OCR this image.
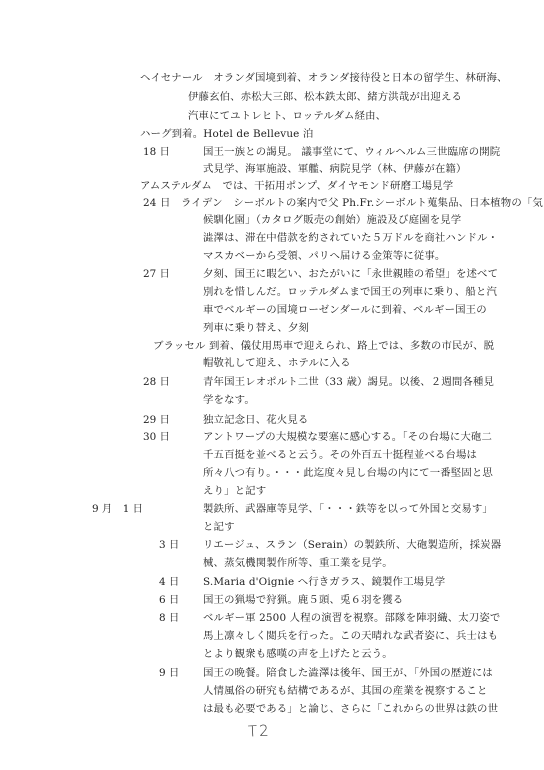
ヘイセナール　オランダ国境到着、オランダ接待役と日本の留学生、林研海、
伊藤玄伯、赤松大三郎、松本鉄太郎、緒方洪哉が出迎える
汽車にてユトレヒト、ロッテルダム経由、
ハーグ到着。Hotel de Bellevue 泊
18 日	国王一族との謁見。 議事堂にて、ウィルヘルム三世臨席の開院
式見学、海軍施設、軍艦、病院見学（林、伊藤が在籍）
アムステルダム　では、干拓用ポンプ、ダイヤモンド研磨工場見学
24 日　ライデン　シーボルトの案内で父 Ph.Fr.シーボルト蒐集品、日本植物の「気
候馴化園」（カタログ販売の創始）施設及び庭園を見学
澁澤は、滞在中借款を約されていた５万ドルを商社ハンドル・
マスカベーから受領、パリへ届ける金策等に従事。
27 日	夕刻、国王に暇乞い、おたがいに「永世親睦の希望」を述べて
別れを惜しんだ。ロッテルダムまで国王の列車に乗り、船と汽
車でベルギーの国境ローゼンダールに到着、ベルギー国王の
列車に乗り替え、夕刻
ブラッセル 到着、儀仗用馬車で迎えられ、路上では、多数の市民が、脱
帽敬礼して迎え、ホテルに入る
28 日	青年国王レオポルト二世（33 歳）謁見。以後、２週間各種見
学をなす。
29 日	独立記念日、花火見る
30 日	アントワープの大規模な要塞に感心する。「その台場に大砲二
千五百挺を並べると云う。その外百五十挺程並べる台場は
所々八つ有り。・・・此迄度々見し台場の内にて一番堅固と思
えり」と記す
9 月　1 日	製鉄所、武器庫等見学、「・・・鉄等を以って外国と交易す」
と記す
3 日 リエージュ、スラン（Serain）の製鉄所、大砲製造所，採炭器
械、蒸気機関製作所等、重工業を見学。
4 日 S.Maria d'Oignie へ行きガラス、鏡製作工場見学
6 日 国王の猟場で狩猟。鹿５頭、兎６羽を獲る
8 日 ベルギー軍 2500 人程の演習を視察。部隊を陣羽織、太刀姿で
馬上凛々しく閲兵を行った。この天晴れな武者姿に、兵士はも
とより観衆も感嘆の声を上げたと云う。
9 日 国王の晩餐。陪食した澁澤は後年、国王が、「外国の歴遊には
人情風俗の研究も結構であるが、其国の産業を視察すること
は最も必要である」と論じ、さらに「これからの世界は鉄の世
T2
